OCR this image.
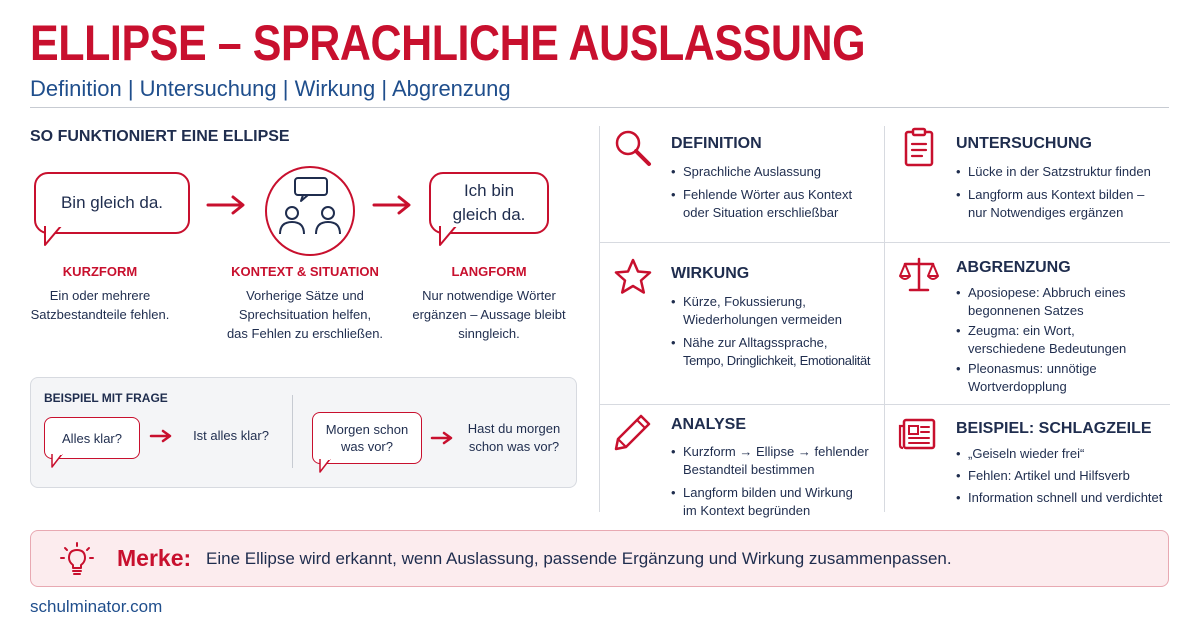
ELLIPSE – SPRACHLICHE AUSLASSUNG
Definition | Untersuchung | Wirkung | Abgrenzung
SO FUNKTIONIERT EINE ELLIPSE
Bin gleich da.
Ich bin
gleich da.
KURZFORM
Ein oder mehrere
Satzbestandteile fehlen.
KONTEXT & SITUATION
Vorherige Sätze und
Sprechsituation helfen,
das Fehlen zu erschließen.
LANGFORM
Nur notwendige Wörter
ergänzen – Aussage bleibt
sinngleich.
BEISPIEL MIT FRAGE
Alles klar?	Ist alles klar?	Morgen schon
was vor?
Hast du morgen
schon was vor?
DEFINITION
• Sprachliche Auslassung
• Fehlende Wörter aus Kontext
oder Situation erschließbar
UNTERSUCHUNG
• Lücke in der Satzstruktur finden
• Langform aus Kontext bilden –
nur Notwendiges ergänzen
WIRKUNG
• Kürze, Fokussierung,
Wiederholungen vermeiden
• Nähe zur Alltagssprache,
Tempo, Dringlichkeit, Emotionalität
ABGRENZUNG
• Aposiopese: Abbruch eines
begonnenen Satzes
• Zeugma: ein Wort,
verschiedene Bedeutungen
• Pleonasmus: unnötige
Wortverdopplung
ANALYSE
• Kurzform → Ellipse → fehlender
Bestandteil bestimmen
• Langform bilden und Wirkung
im Kontext begründen
BEISPIEL: SCHLAGZEILE
• „Geiseln wieder frei“
• Fehlen: Artikel und Hilfsverb
• Information schnell und verdichtet
Merke: Eine Ellipse wird erkannt, wenn Auslassung, passende Ergänzung und Wirkung zusammenpassen.
schulminator.com
